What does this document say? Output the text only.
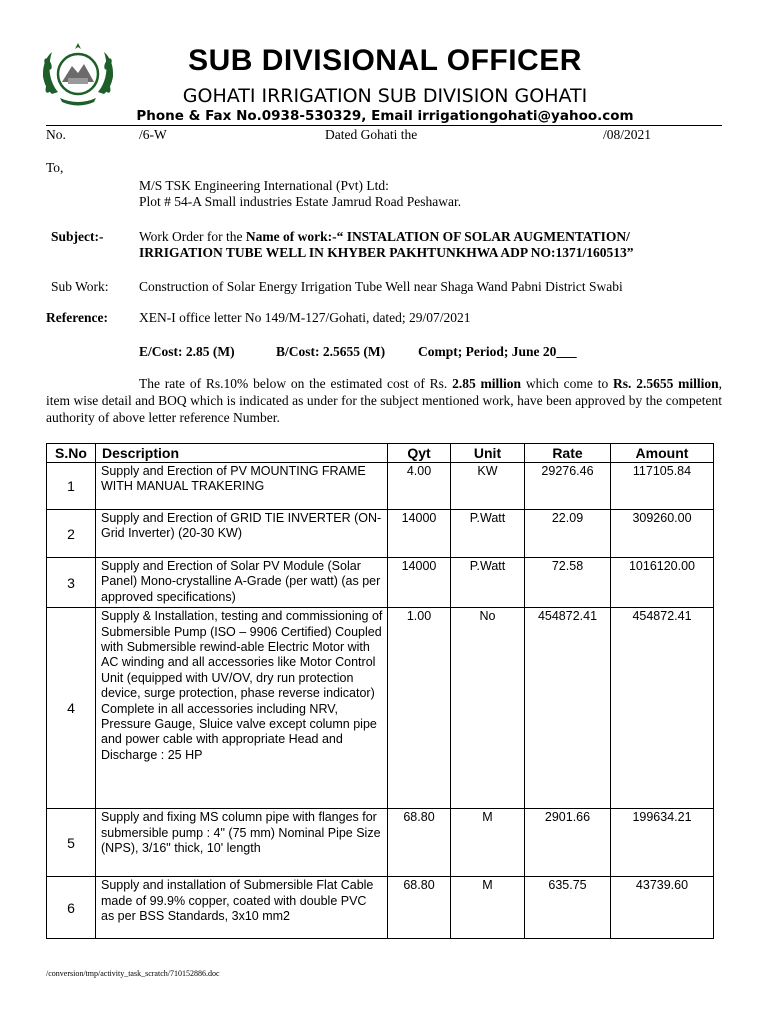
SUB DIVISIONAL OFFICER
GOHATI IRRIGATION SUB DIVISION GOHATI
Phone & Fax No.0938-530329, Email irrigationgohati@yahoo.com
No.	/6-W	Dated Gohati the	/08/2021
To,
M/S TSK Engineering International (Pvt) Ltd:
Plot # 54-A Small industries Estate Jamrud Road Peshawar.
Subject:-	Work Order for the Name of work:-“ INSTALATION OF SOLAR AUGMENTATION/
IRRIGATION TUBE WELL IN KHYBER PAKHTUNKHWA ADP NO:1371/160513”
Sub Work: Construction of Solar Energy Irrigation Tube Well near Shaga Wand Pabni District Swabi
Reference: XEN-I office letter No 149/M-127/Gohati, dated; 29/07/2021
E/Cost: 2.85 (M)	B/Cost: 2.5655 (M) Compt; Period; June 20___
The rate of Rs.10% below on the estimated cost of Rs. 2.85 million which come to Rs. 2.5655 million, item wise detail and BOQ which is indicated as under for the subject mentioned work, have been approved by the competent authority of above letter reference Number.
S.No	Description	Qyt	Unit	Rate	Amount
1	Supply and Erection of PV MOUNTING FRAME WITH MANUAL TRAKERING	4.00	KW	29276.46	117105.84
2	Supply and Erection of GRID TIE INVERTER (ON-Grid Inverter) (20-30 KW)	14000	P.Watt	22.09	309260.00
3	Supply and Erection of Solar PV Module (Solar Panel) Mono-crystalline A-Grade (per watt) (as per approved specifications)	14000	P.Watt	72.58	1016120.00
4	Supply & Installation, testing and commissioning of Submersible Pump (ISO – 9906 Certified) Coupled with Submersible rewind-able Electric Motor with AC winding and all accessories like Motor Control Unit (equipped with UV/OV, dry run protection device, surge protection, phase reverse indicator) Complete in all accessories including NRV, Pressure Gauge, Sluice valve except column pipe and power cable with appropriate Head and Discharge : 25 HP	1.00	No	454872.41	454872.41
5	Supply and fixing MS column pipe with flanges for submersible pump : 4" (75 mm) Nominal Pipe Size (NPS), 3/16" thick, 10' length	68.80	M	2901.66	199634.21
6	Supply and installation of Submersible Flat Cable made of 99.9% copper, coated with double PVC as per BSS Standards, 3x10 mm2	68.80	M	635.75	43739.60
/conversion/tmp/activity_task_scratch/710152886.doc
